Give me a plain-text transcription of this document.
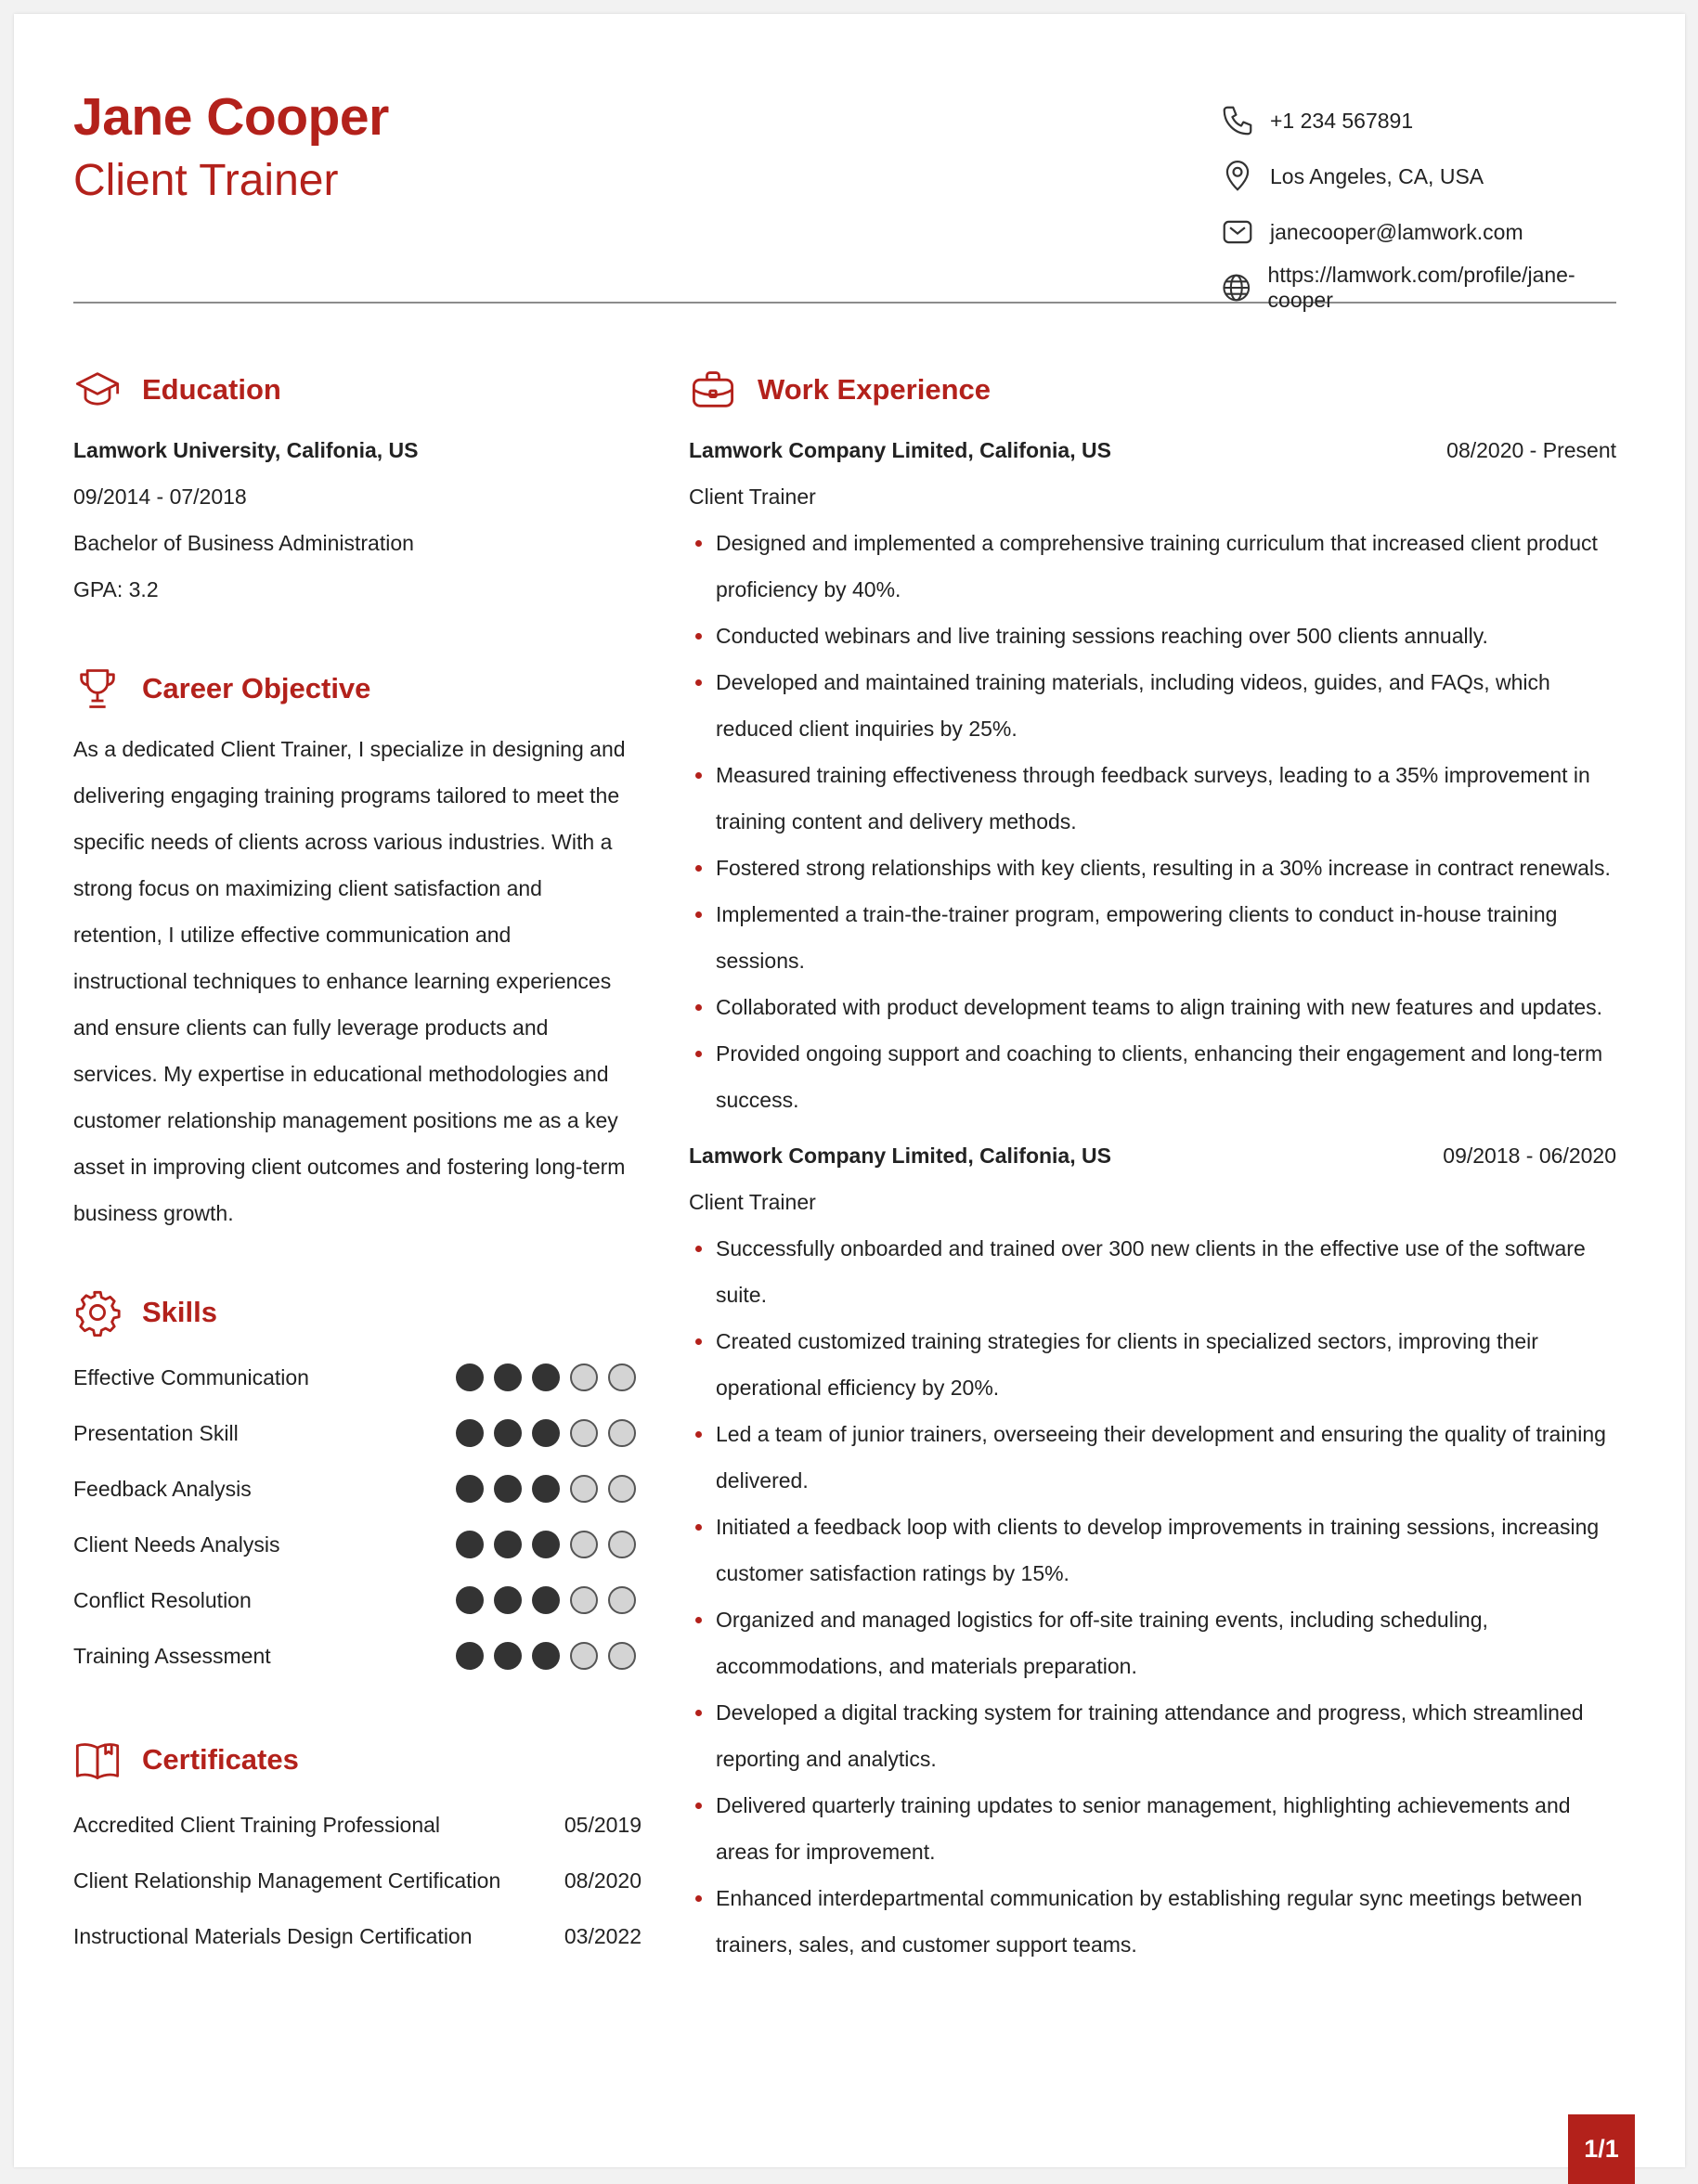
Jane Cooper
Client Trainer
+1 234 567891
Los Angeles, CA, USA
janecooper@lamwork.com
https://lamwork.com/profile/jane-cooper
Education
Lamwork University, Califonia, US
09/2014 - 07/2018
Bachelor of Business Administration
GPA: 3.2
Career Objective

As a dedicated Client Trainer, I specialize in designing and delivering engaging training programs tailored to meet the specific needs of clients across various industries. With a strong focus on maximizing client satisfaction and retention, I utilize effective communication and instructional techniques to enhance learning experiences and ensure clients can fully leverage products and services. My expertise in educational methodologies and customer relationship management positions me as a key asset in improving client outcomes and fostering long-term business growth.

Skills
Effective Communication
Presentation Skill
Feedback Analysis
Client Needs Analysis
Conflict Resolution
Training Assessment
Certificates
Accredited Client Training Professional	05/2019
Client Relationship Management Certification	08/2020
Instructional Materials Design Certification	03/2022
Work Experience
Lamwork Company Limited, Califonia, US	08/2020 - Present
Client Trainer
Designed and implemented a comprehensive training curriculum that increased client product proficiency by 40%.
Conducted webinars and live training sessions reaching over 500 clients annually.
Developed and maintained training materials, including videos, guides, and FAQs, which reduced client inquiries by 25%.
Measured training effectiveness through feedback surveys, leading to a 35% improvement in training content and delivery methods.
Fostered strong relationships with key clients, resulting in a 30% increase in contract renewals.
Implemented a train-the-trainer program, empowering clients to conduct in-house training sessions.
Collaborated with product development teams to align training with new features and updates.
Provided ongoing support and coaching to clients, enhancing their engagement and long-term success.
Lamwork Company Limited, Califonia, US	09/2018 - 06/2020
Client Trainer
Successfully onboarded and trained over 300 new clients in the effective use of the software suite.
Created customized training strategies for clients in specialized sectors, improving their operational efficiency by 20%.
Led a team of junior trainers, overseeing their development and ensuring the quality of training delivered.
Initiated a feedback loop with clients to develop improvements in training sessions, increasing customer satisfaction ratings by 15%.
Organized and managed logistics for off-site training events, including scheduling, accommodations, and materials preparation.
Developed a digital tracking system for training attendance and progress, which streamlined reporting and analytics.
Delivered quarterly training updates to senior management, highlighting achievements and areas for improvement.
Enhanced interdepartmental communication by establishing regular sync meetings between trainers, sales, and customer support teams.
1/1
